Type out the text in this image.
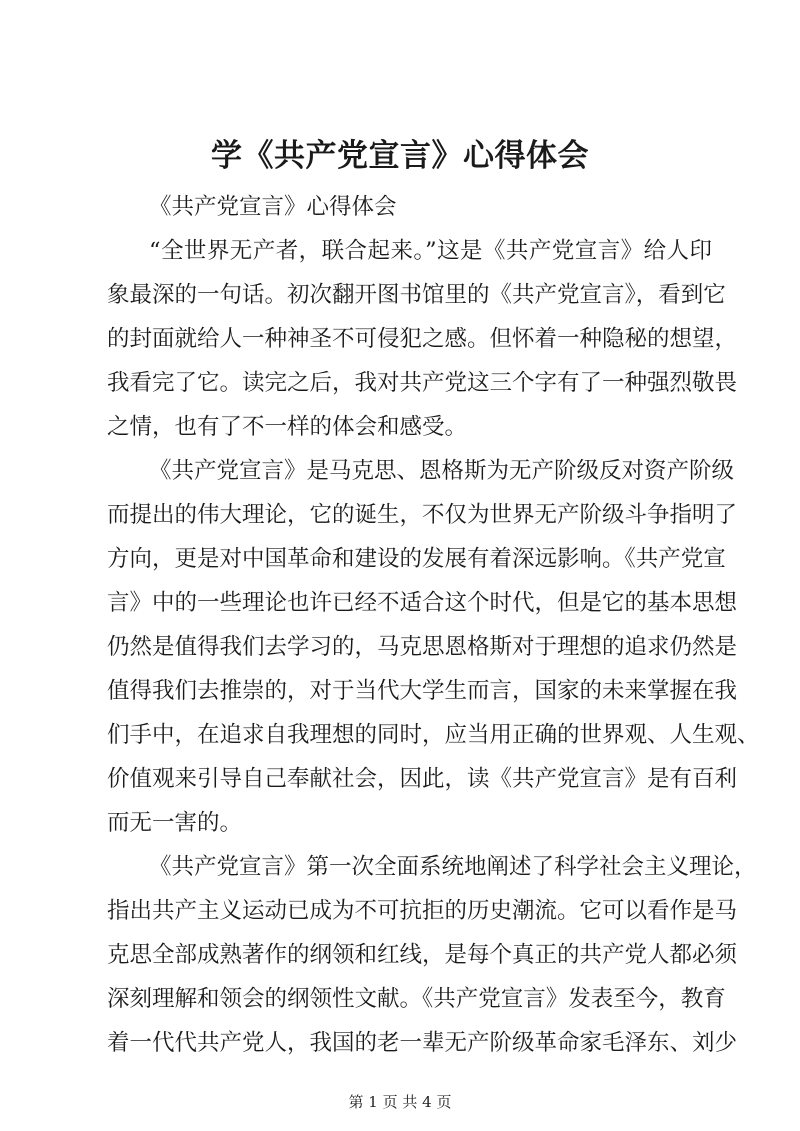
学《共产党宣言》心得体会
《共产党宣言》心得体会
“全世界无产者，联合起来。”这是《共产党宣言》给人印
象最深的一句话。初次翻开图书馆里的《共产党宣言》，看到它
的封面就给人一种神圣不可侵犯之感。但怀着一种隐秘的想望，
我看完了它。读完之后，我对共产党这三个字有了一种强烈敬畏
之情，也有了不一样的体会和感受。
《共产党宣言》是马克思、恩格斯为无产阶级反对资产阶级
而提出的伟大理论，它的诞生，不仅为世界无产阶级斗争指明了
方向，更是对中国革命和建设的发展有着深远影响。《共产党宣
言》中的一些理论也许已经不适合这个时代，但是它的基本思想
仍然是值得我们去学习的，马克思恩格斯对于理想的追求仍然是
值得我们去推崇的，对于当代大学生而言，国家的未来掌握在我
们手中，在追求自我理想的同时，应当用正确的世界观、人生观、
价值观来引导自己奉献社会，因此，读《共产党宣言》是有百利
而无一害的。
《共产党宣言》第一次全面系统地阐述了科学社会主义理论，
指出共产主义运动已成为不可抗拒的历史潮流。它可以看作是马
克思全部成熟著作的纲领和红线，是每个真正的共产党人都必须
深刻理解和领会的纲领性文献。《共产党宣言》发表至今，教育
着一代代共产党人，我国的老一辈无产阶级革命家毛泽东、刘少
第 1 页 共 4 页
